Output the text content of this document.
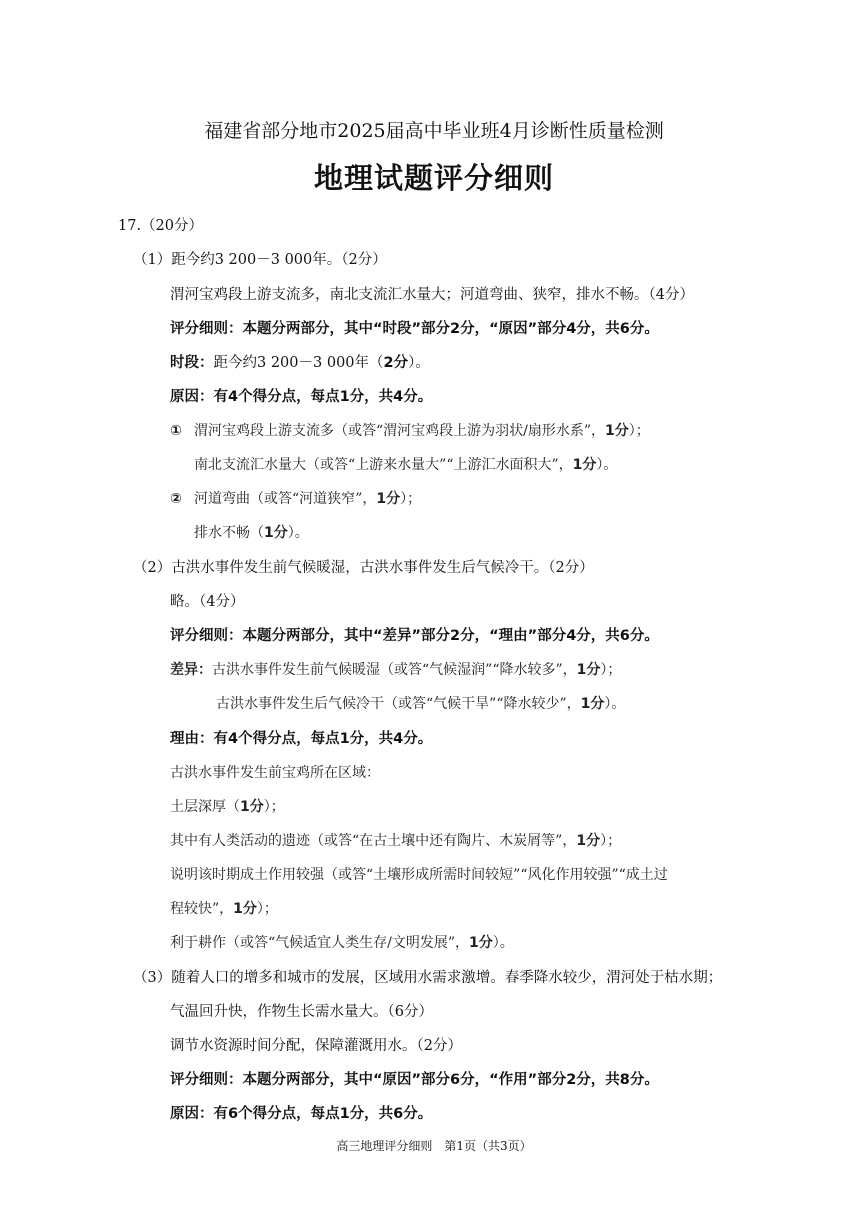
福建省部分地市2025届高中毕业班4月诊断性质量检测
地理试题评分细则
17.（20分）
（1）距今约3 200－3 000年。（2分）
渭河宝鸡段上游支流多，南北支流汇水量大；河道弯曲、狭窄，排水不畅。（4分）
评分细则：本题分两部分，其中“时段”部分2分，“原因”部分4分，共6分。
时段：距今约3 200－3 000年（2分）。
原因：有4个得分点，每点1分，共4分。
① 渭河宝鸡段上游支流多（或答“渭河宝鸡段上游为羽状/扇形水系”，1分）；
南北支流汇水量大（或答“上游来水量大”“上游汇水面积大”，1分）。
② 河道弯曲（或答“河道狭窄”，1分）；
排水不畅（1分）。
（2）古洪水事件发生前气候暖湿，古洪水事件发生后气候冷干。（2分）
略。（4分）
评分细则：本题分两部分，其中“差异”部分2分，“理由”部分4分，共6分。
差异：古洪水事件发生前气候暖湿（或答“气候湿润”“降水较多”，1分）；
古洪水事件发生后气候冷干（或答“气候干旱”“降水较少”，1分）。
理由：有4个得分点，每点1分，共4分。
古洪水事件发生前宝鸡所在区域：
土层深厚（1分）；
其中有人类活动的遗迹（或答“在古土壤中还有陶片、木炭屑等”，1分）；
说明该时期成土作用较强（或答“土壤形成所需时间较短”“风化作用较强”“成土过
程较快”，1分）；
利于耕作（或答“气候适宜人类生存/文明发展”，1分）。
（3）随着人口的增多和城市的发展，区域用水需求激增。春季降水较少，渭河处于枯水期；
气温回升快，作物生长需水量大。（6分）
调节水资源时间分配，保障灌溉用水。（2分）
评分细则：本题分两部分，其中“原因”部分6分，“作用”部分2分，共8分。
原因：有6个得分点，每点1分，共6分。
高三地理评分细则　第1页（共3页）
